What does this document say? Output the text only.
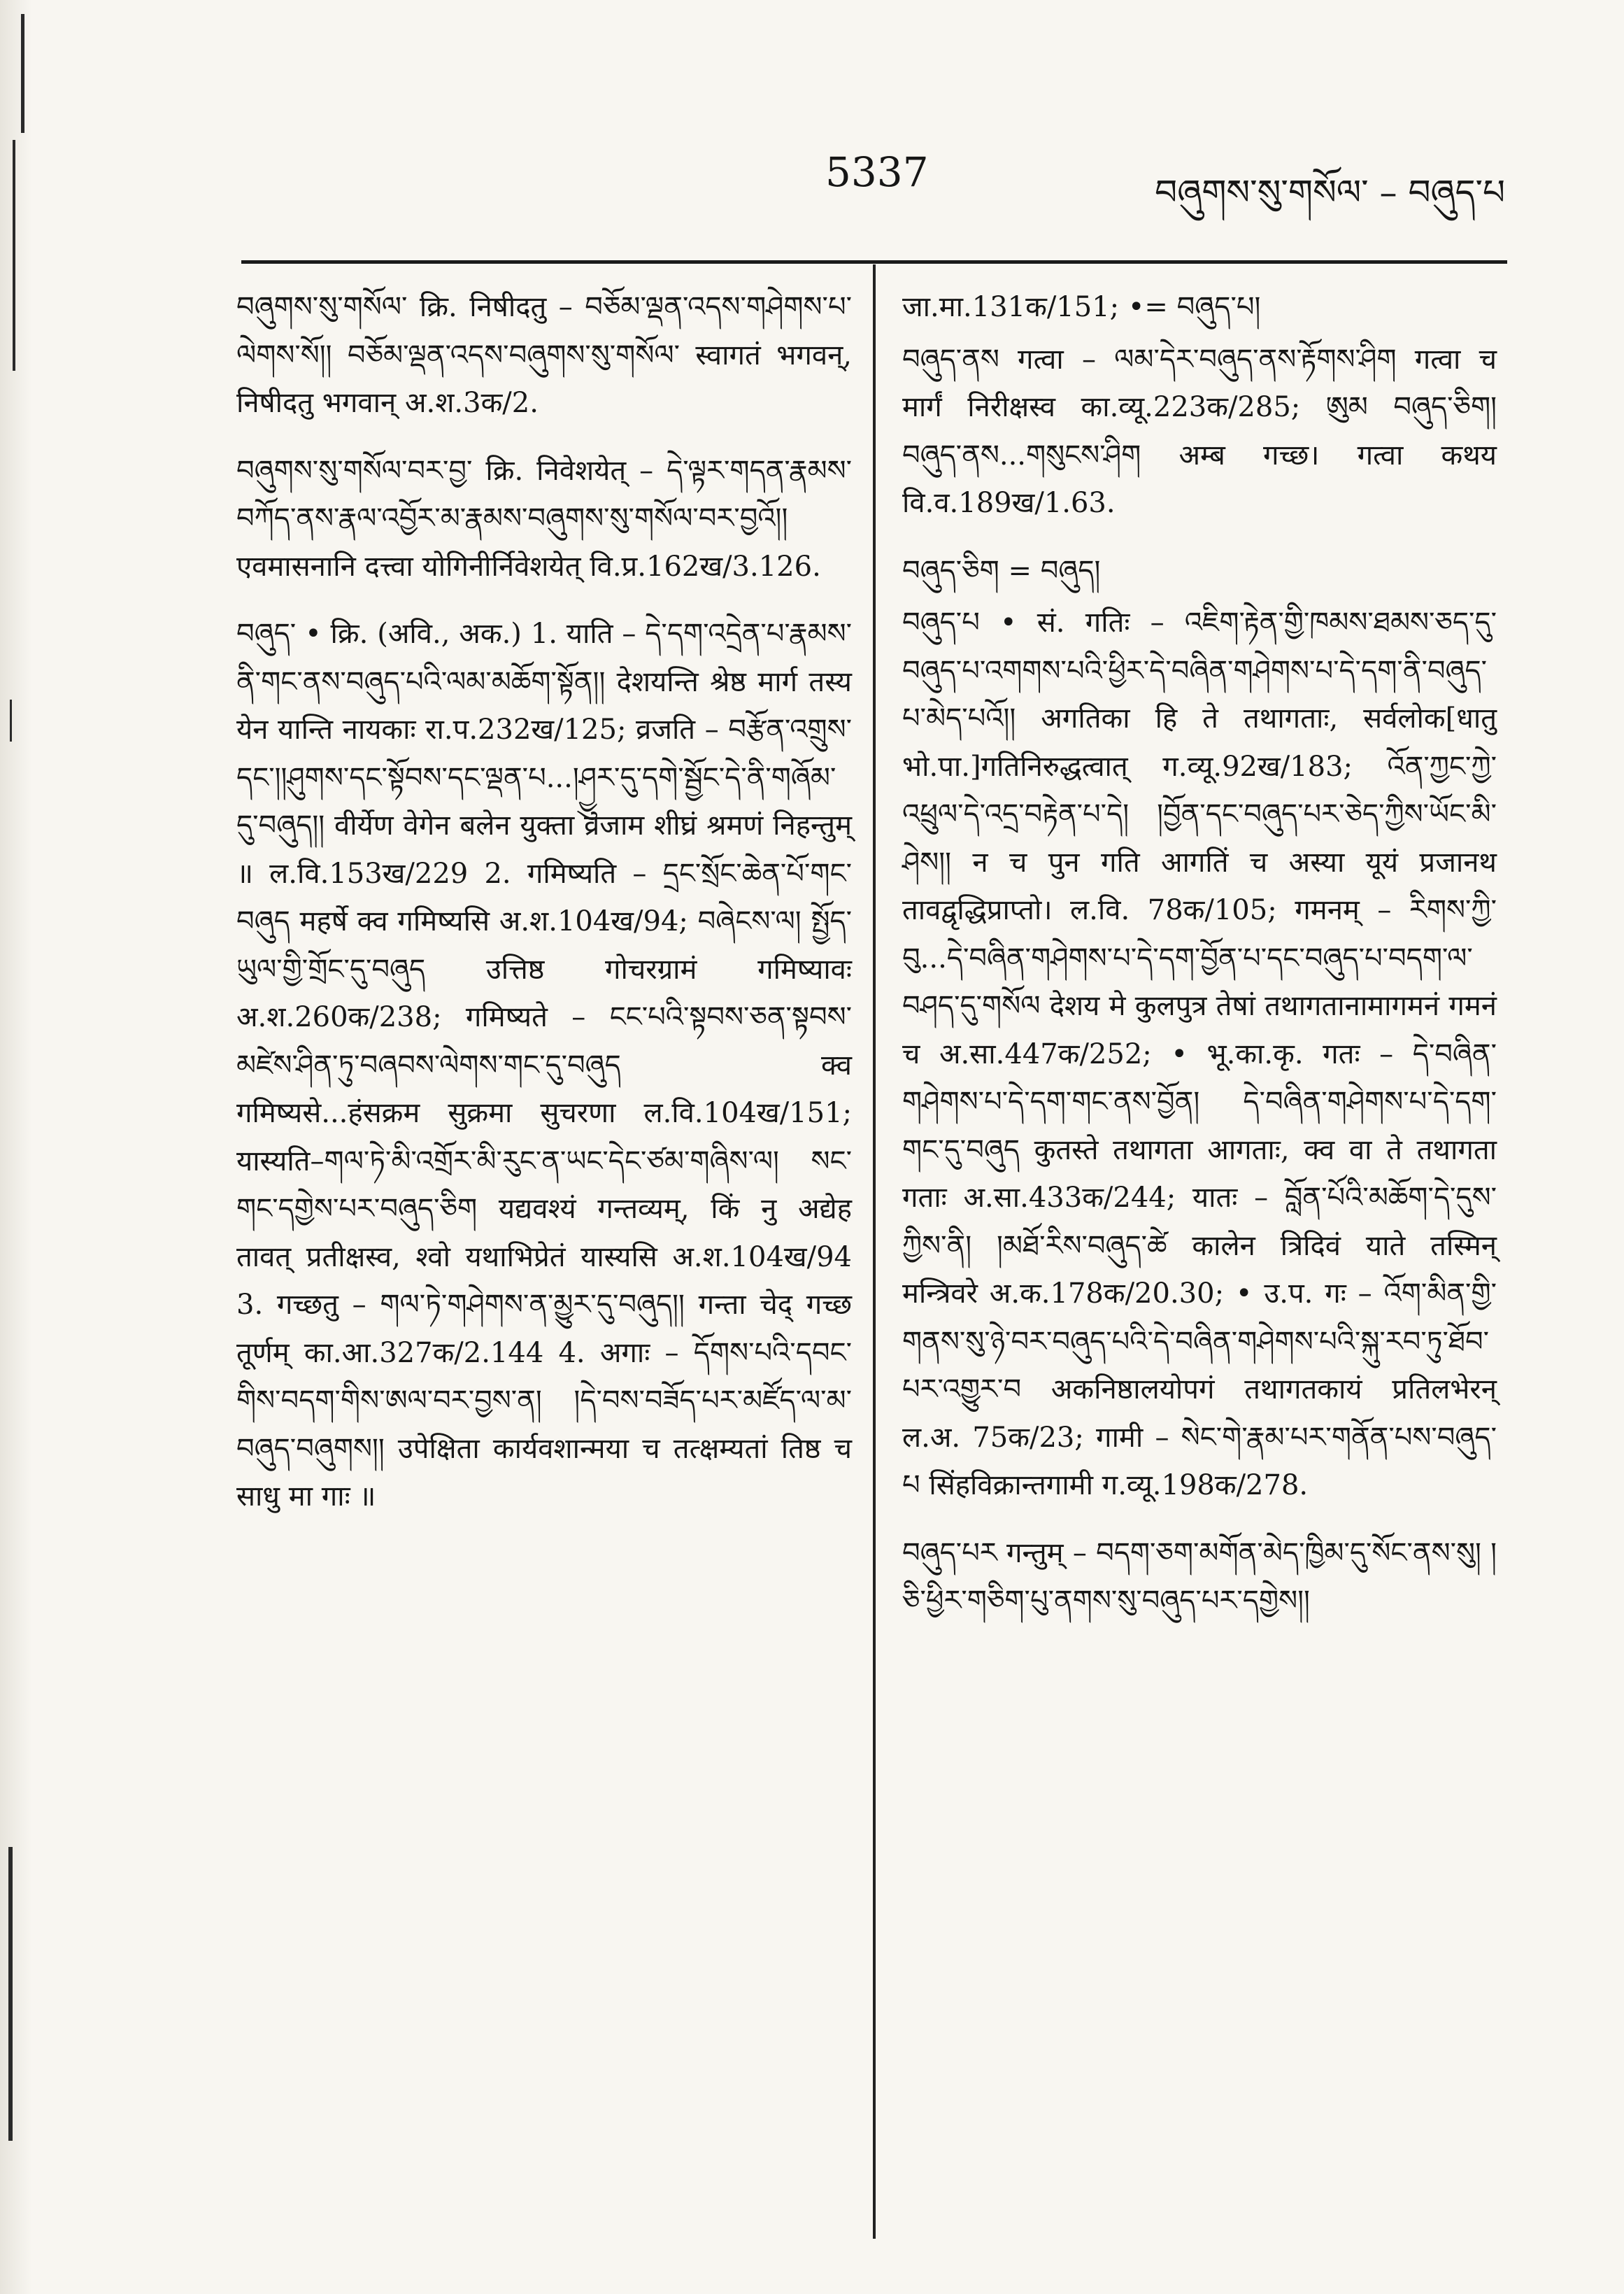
5337	བཞུགས་སུ་གསོལ་ – བཞུད་པ

བཞུགས་སུ་གསོལ་ क्रि. निषीदतु – བཅོམ་ལྡན་འདས་གཤེགས་པ་ལེགས་སོ།། བཅོམ་ལྡན་འདས་བཞུགས་སུ་གསོལ་ स्वागतं भगवन्, निषीदतु भगवान् अ.श.3क/2.

བཞུགས་སུ་གསོལ་བར་བྱ་ क्रि. निवेशयेत् – དེ་ལྟར་གདན་རྣམས་བཀོད་ནས་རྣལ་འབྱོར་མ་རྣམས་བཞུགས་སུ་གསོལ་བར་བྱའོ།། एवमासनानि दत्त्वा योगिनीर्निवेशयेत् वि.प्र.162ख/3.126.

བཞུད་ • क्रि. (अवि., अक.) 1. याति – དེ་དག་འདྲེན་པ་རྣམས་ནི་གང་ནས་བཞུད་པའི་ལམ་མཆོག་སྟོན།། देशयन्ति श्रेष्ठ मार्ग तस्य येन यान्ति नायकाः रा.प.232ख/125; व्रजति – བརྩོན་འགྲུས་དང་།།ཤུགས་དང་སྟོབས་དང་ལྡན་པ...།ཤྱུར་དུ་དགེ་སྦྱོང་དེ་ནི་གཞོམ་དུ་བཞུད།། वीर्येण वेगेन बलेन युक्ता व्रजाम शीघ्रं श्रमणं निहन्तुम् ॥ ल.वि.153ख/229 2. गमिष्यति – དྲང་སྲོང་ཆེན་པོ་གང་བཞུད महर्षे क्व गमिष्यसि अ.श.104ख/94; བཞེངས་ལ། སྤྱོད་ཡུལ་གྱི་གྲོང་དུ་བཞུད उत्तिष्ठ गोचरग्रामं गमिष्यावः अ.श.260क/238; गमिष्यते – ངང་པའི་སྟབས་ཅན་སྟབས་མཛེས་ཤིན་ཏུ་བཞབས་ལེགས་གང་དུ་བཞུད क्व गमिष्यसे...हंसक्रम सुक्रमा सुचरणा ल.वि.104ख/151; यास्यति–གལ་ཏེ་མི་འགྲོར་མི་རུང་ན་ཡང་དེང་ཙམ་གཞིས་ལ། སང་གང་དགྱེས་པར་བཞུད་ཅིག यद्यवश्यं गन्तव्यम्, किं नु अद्येह तावत् प्रतीक्षस्व, श्वो यथाभिप्रेतं यास्यसि अ.श.104ख/94 3. गच्छतु – གལ་ཏེ་གཤེགས་ན་མྱུར་དུ་བཞུད།། गन्ता चेद् गच्छ तूर्णम् का.आ.327क/2.144 4. अगाः – དོགས་པའི་དབང་གིས་བདག་གིས་ཨལ་བར་བྱས་ན། །དེ་བས་བཟོད་པར་མཛོད་ལ་མ་བཞུད་བཞུགས།། उपेक्षिता कार्यवशान्मया च तत्क्षम्यतां तिष्ठ च साधु मा गाः ॥

जा.मा.131क/151; •= བཞུད་པ།

བཞུད་ནས गत्वा – ལམ་དེར་བཞུད་ནས་རྟོགས་ཤིག गत्वा च मार्गं निरीक्षस्व का.व्यू.223क/285; ཨུམ བཞུད་ཅིག། བཞུད་ནས...གསུངས་ཤིག अम्ब गच्छ। गत्वा कथय वि.व.189ख/1.63.

བཞུད་ཅིག = བཞུད།

བཞུད་པ • सं. गतिः – འཇིག་རྟེན་གྱི་ཁམས་ཐམས་ཅད་དུ་བཞུད་པ་འགགས་པའི་ཕྱིར་དེ་བཞིན་གཤེགས་པ་དེ་དག་ནི་བཞུད་པ་མེད་པའོ།། अगतिका हि ते तथागताः, सर्वलोक[धातु भो.पा.]गतिनिरुद्धत्वात् ग.व्यू.92ख/183; འོན་ཀྱང་ཀྱེ་འཕྲུལ་དེ་འདྲ་བརྟེན་པ་དེ། །བྱོན་དང་བཞུད་པར་ཅེད་ཀྱིས་ཡོང་མི་ཤེས།། न च पुन गति आगतिं च अस्या यूयं प्रजानथ तावद्वृद्धिप्राप्तो। ल.वि. 78क/105; गमनम् – རིགས་ཀྱི་བུ...དེ་བཞིན་གཤེགས་པ་དེ་དག་བྱོན་པ་དང་བཞུད་པ་བདག་ལ་བཤད་དུ་གསོལ देशय मे कुलपुत्र तेषां तथागतानामागमनं गमनं च अ.सा.447क/252; • भू.का.कृ. गतः – དེ་བཞིན་གཤེགས་པ་དེ་དག་གང་ནས་བྱོན། དེ་བཞིན་གཤེགས་པ་དེ་དག་གང་དུ་བཞུད कुतस्ते तथागता आगताः, क्व वा ते तथागता गताः अ.सा.433क/244; यातः – བློན་པོའི་མཆོག་དེ་དུས་ཀྱིས་ནི། །མཐོ་རིས་བཞུད་ཚེ कालेन त्रिदिवं याते तस्मिन् मन्त्रिवरे अ.क.178क/20.30; • उ.प. गः – འོག་མིན་གྱི་གནས་སུ་ཉེ་བར་བཞུད་པའི་དེ་བཞིན་གཤེགས་པའི་སྐུ་རབ་ཏུ་ཐོབ་པར་འགྱུར་བ अकनिष्ठालयोपगं तथागतकायं प्रतिलभेरन् ल.अ. 75क/23; गामी – སེང་གེ་རྣམ་པར་གནོན་པས་བཞུད་པ सिंहविक्रान्तगामी ग.व्यू.198क/278.

བཞུད་པར गन्तुम् – བདག་ཅག་མགོན་མེད་ཁྱིམ་དུ་སོང་ནས་སུ། །ཅི་ཕྱིར་གཅིག་པུ་ནགས་སུ་བཞུད་པར་དགྱེས།།
